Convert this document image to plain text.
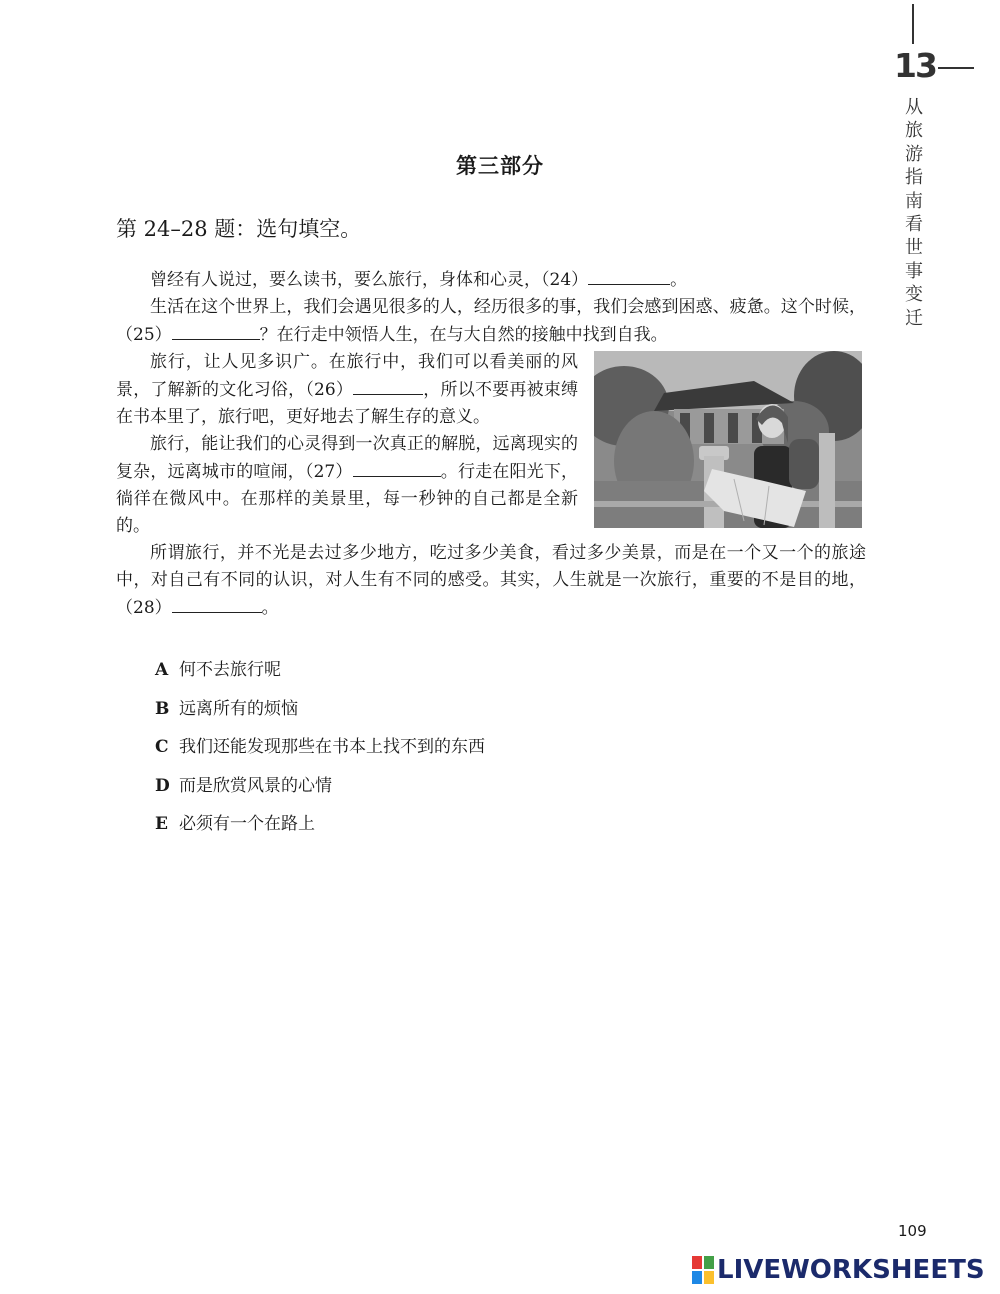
13
从旅游指南看世事变迁
第三部分
第 24–28 题：选句填空。

曾经有人说过，要么读书，要么旅行，身体和心灵，（24）	。

生活在这个世界上，我们会遇见很多的人，经历很多的事，我们会感到困惑、疲惫。这个时候，（25）	？在行走中领悟人生，在与大自然的接触中找到自我。

旅行，让人见多识广。在旅行中，我们可以看美丽的风景，了解新的文化习俗，（26）	，所以不要再被束缚在书本里了，旅行吧，更好地去了解生存的意义。

旅行，能让我们的心灵得到一次真正的解脱，远离现实的复杂，远离城市的喧闹，（27）	。行走在阳光下，徜徉在微风中。在那样的美景里，每一秒钟的自己都是全新的。

所谓旅行，并不光是去过多少地方，吃过多少美食，看过多少美景，而是在一个又一个的旅途中，对自己有不同的认识，对人生有不同的感受。其实，人生就是一次旅行，重要的不是目的地，（28）	。

A 何不去旅行呢
B 远离所有的烦恼
C 我们还能发现那些在书本上找不到的东西
D 而是欣赏风景的心情
E 必须有一个在路上
109
LIVEWORKSHEETS
